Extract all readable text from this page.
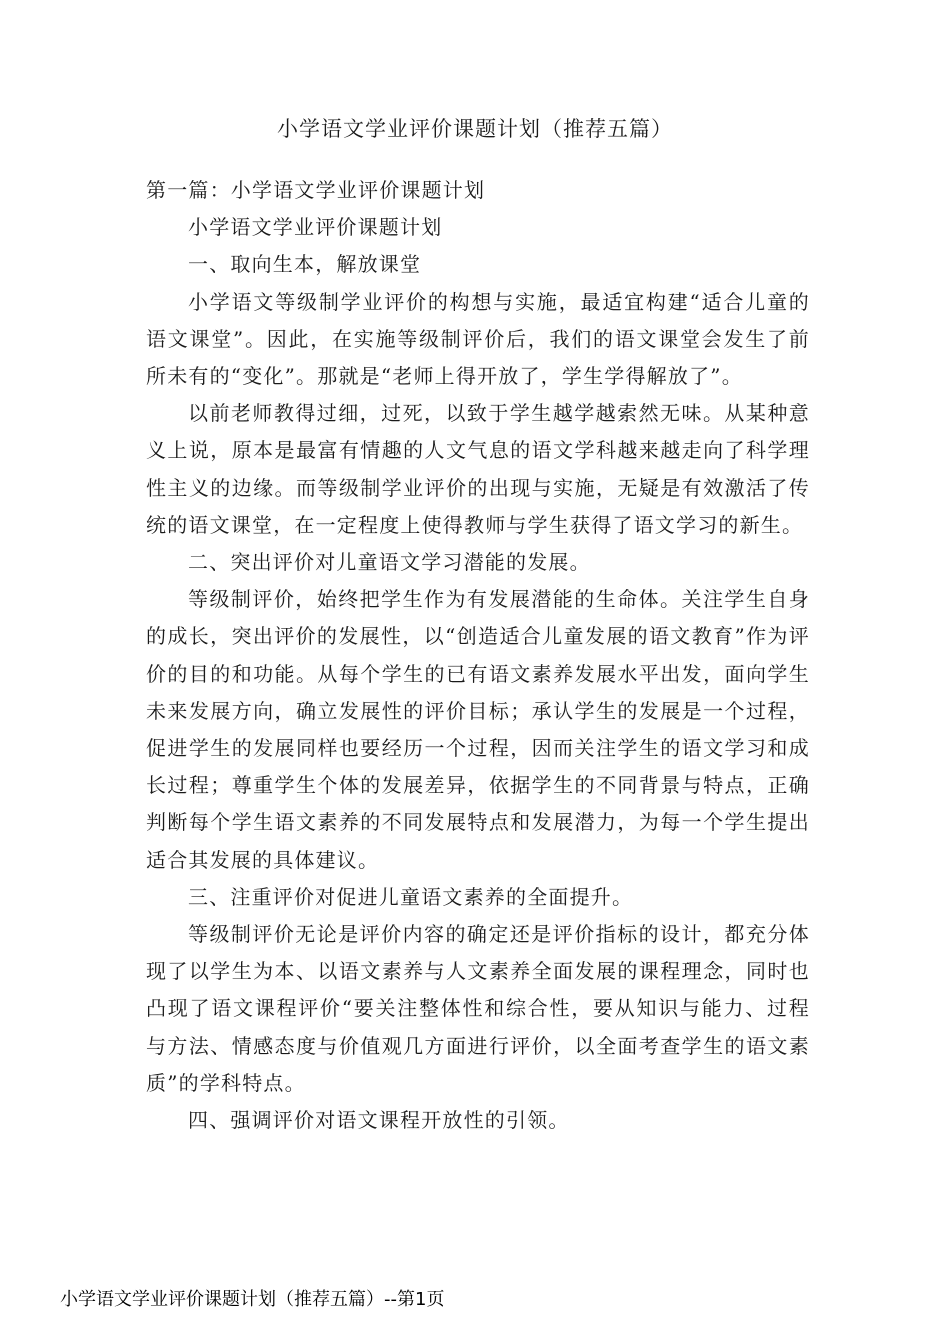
小学语文学业评价课题计划（推荐五篇）

第一篇：小学语文学业评价课题计划

小学语文学业评价课题计划

一、取向生本，解放课堂

小学语文等级制学业评价的构想与实施，最适宜构建“适合儿童的语文课堂”。因此，在实施等级制评价后，我们的语文课堂会发生了前所未有的“变化”。那就是“老师上得开放了，学生学得解放了”。

以前老师教得过细，过死，以致于学生越学越索然无味。从某种意义上说，原本是最富有情趣的人文气息的语文学科越来越走向了科学理性主义的边缘。而等级制学业评价的出现与实施，无疑是有效激活了传统的语文课堂，在一定程度上使得教师与学生获得了语文学习的新生。

二、突出评价对儿童语文学习潜能的发展。

等级制评价，始终把学生作为有发展潜能的生命体。关注学生自身的成长，突出评价的发展性，以“创造适合儿童发展的语文教育”作为评价的目的和功能。从每个学生的已有语文素养发展水平出发，面向学生未来发展方向，确立发展性的评价目标；承认学生的发展是一个过程，促进学生的发展同样也要经历一个过程，因而关注学生的语文学习和成长过程；尊重学生个体的发展差异，依据学生的不同背景与特点，正确判断每个学生语文素养的不同发展特点和发展潜力，为每一个学生提出适合其发展的具体建议。

三、注重评价对促进儿童语文素养的全面提升。

等级制评价无论是评价内容的确定还是评价指标的设计，都充分体现了以学生为本、以语文素养与人文素养全面发展的课程理念，同时也凸现了语文课程评价“要关注整体性和综合性，要从知识与能力、过程与方法、情感态度与价值观几方面进行评价，以全面考查学生的语文素质”的学科特点。

四、强调评价对语文课程开放性的引领。

小学语文学业评价课题计划（推荐五篇）--第1页
